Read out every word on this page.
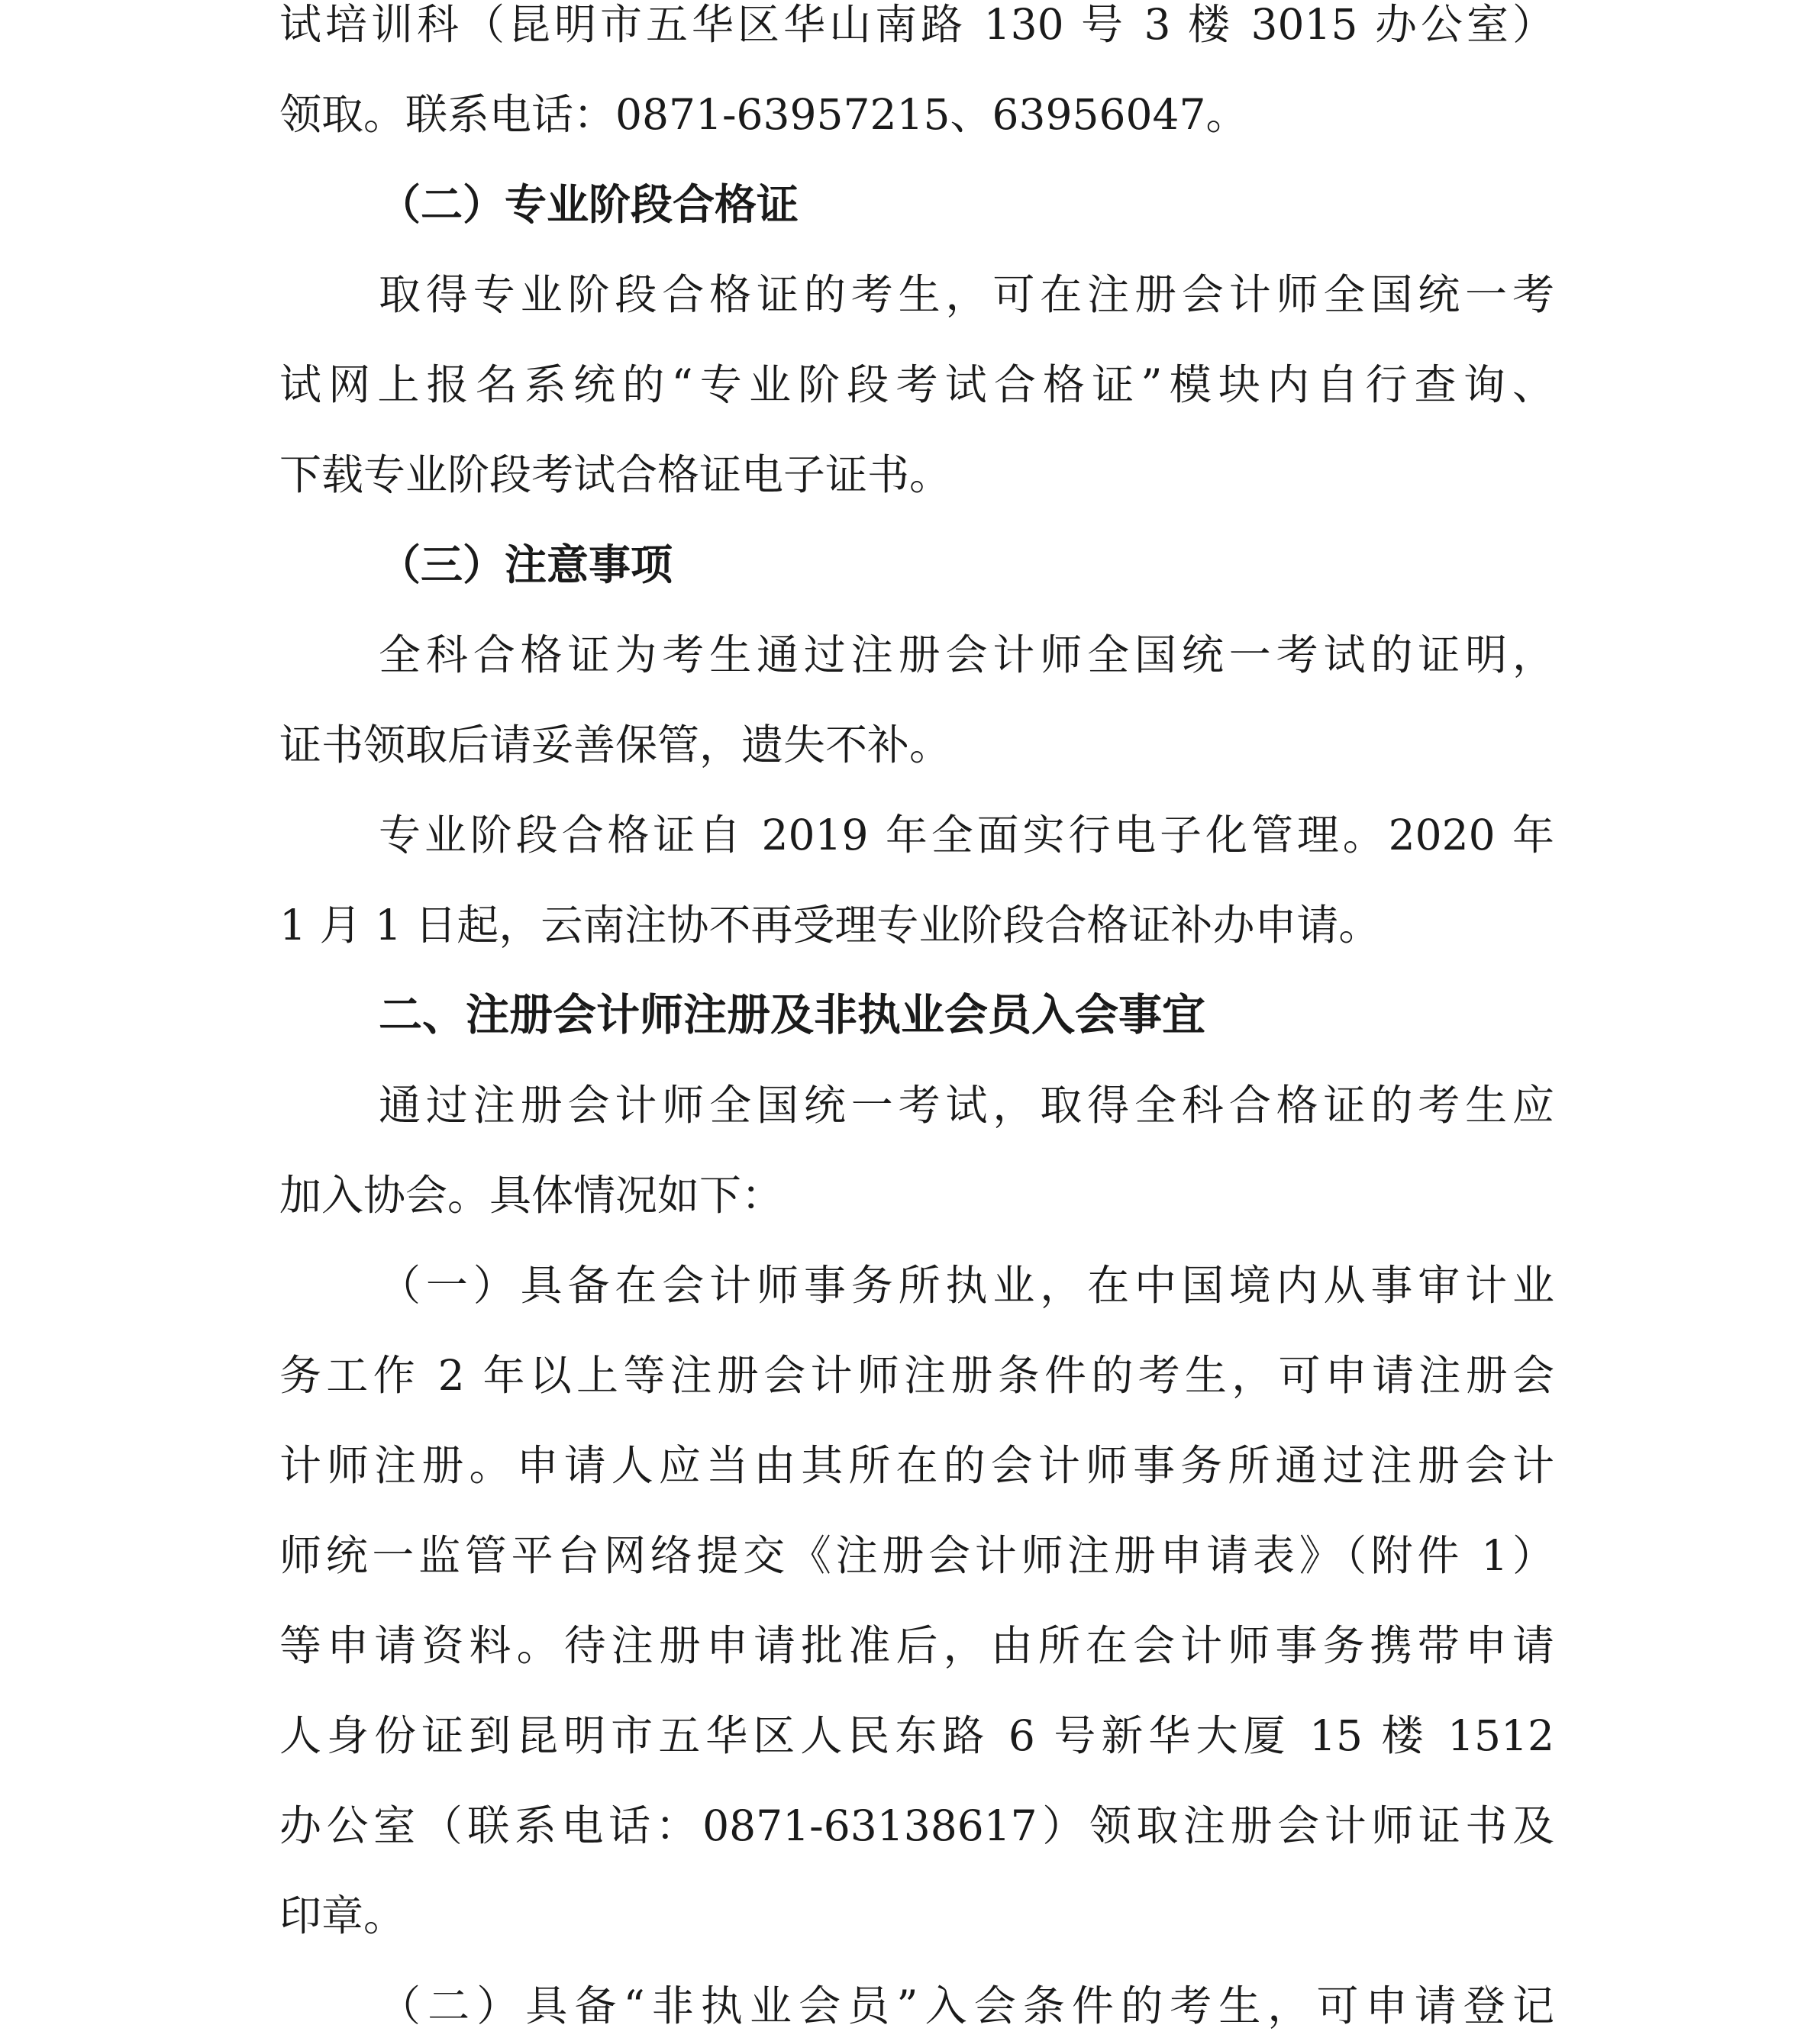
试培训科（昆明市五华区华山南路 130 号 3 楼 3015 办公室）
领取。联系电话：0871-63957215、63956047。
（二）专业阶段合格证
取得专业阶段合格证的考生，可在注册会计师全国统一考
试网上报名系统的“专业阶段考试合格证”模块内自行查询、
下载专业阶段考试合格证电子证书。
（三）注意事项
全科合格证为考生通过注册会计师全国统一考试的证明，
证书领取后请妥善保管，遗失不补。
专业阶段合格证自 2019 年全面实行电子化管理。2020 年
1 月 1 日起，云南注协不再受理专业阶段合格证补办申请。
二、注册会计师注册及非执业会员入会事宜
通过注册会计师全国统一考试，取得全科合格证的考生应
加入协会。具体情况如下：
（一）具备在会计师事务所执业，在中国境内从事审计业
务工作 2 年以上等注册会计师注册条件的考生，可申请注册会
计师注册。申请人应当由其所在的会计师事务所通过注册会计
师统一监管平台网络提交《注册会计师注册申请表》（附件 1）
等申请资料。待注册申请批准后，由所在会计师事务携带申请
人身份证到昆明市五华区人民东路 6 号新华大厦 15 楼 1512
办公室（联系电话：0871-63138617）领取注册会计师证书及
印章。
（二）具备“非执业会员”入会条件的考生，可申请登记
